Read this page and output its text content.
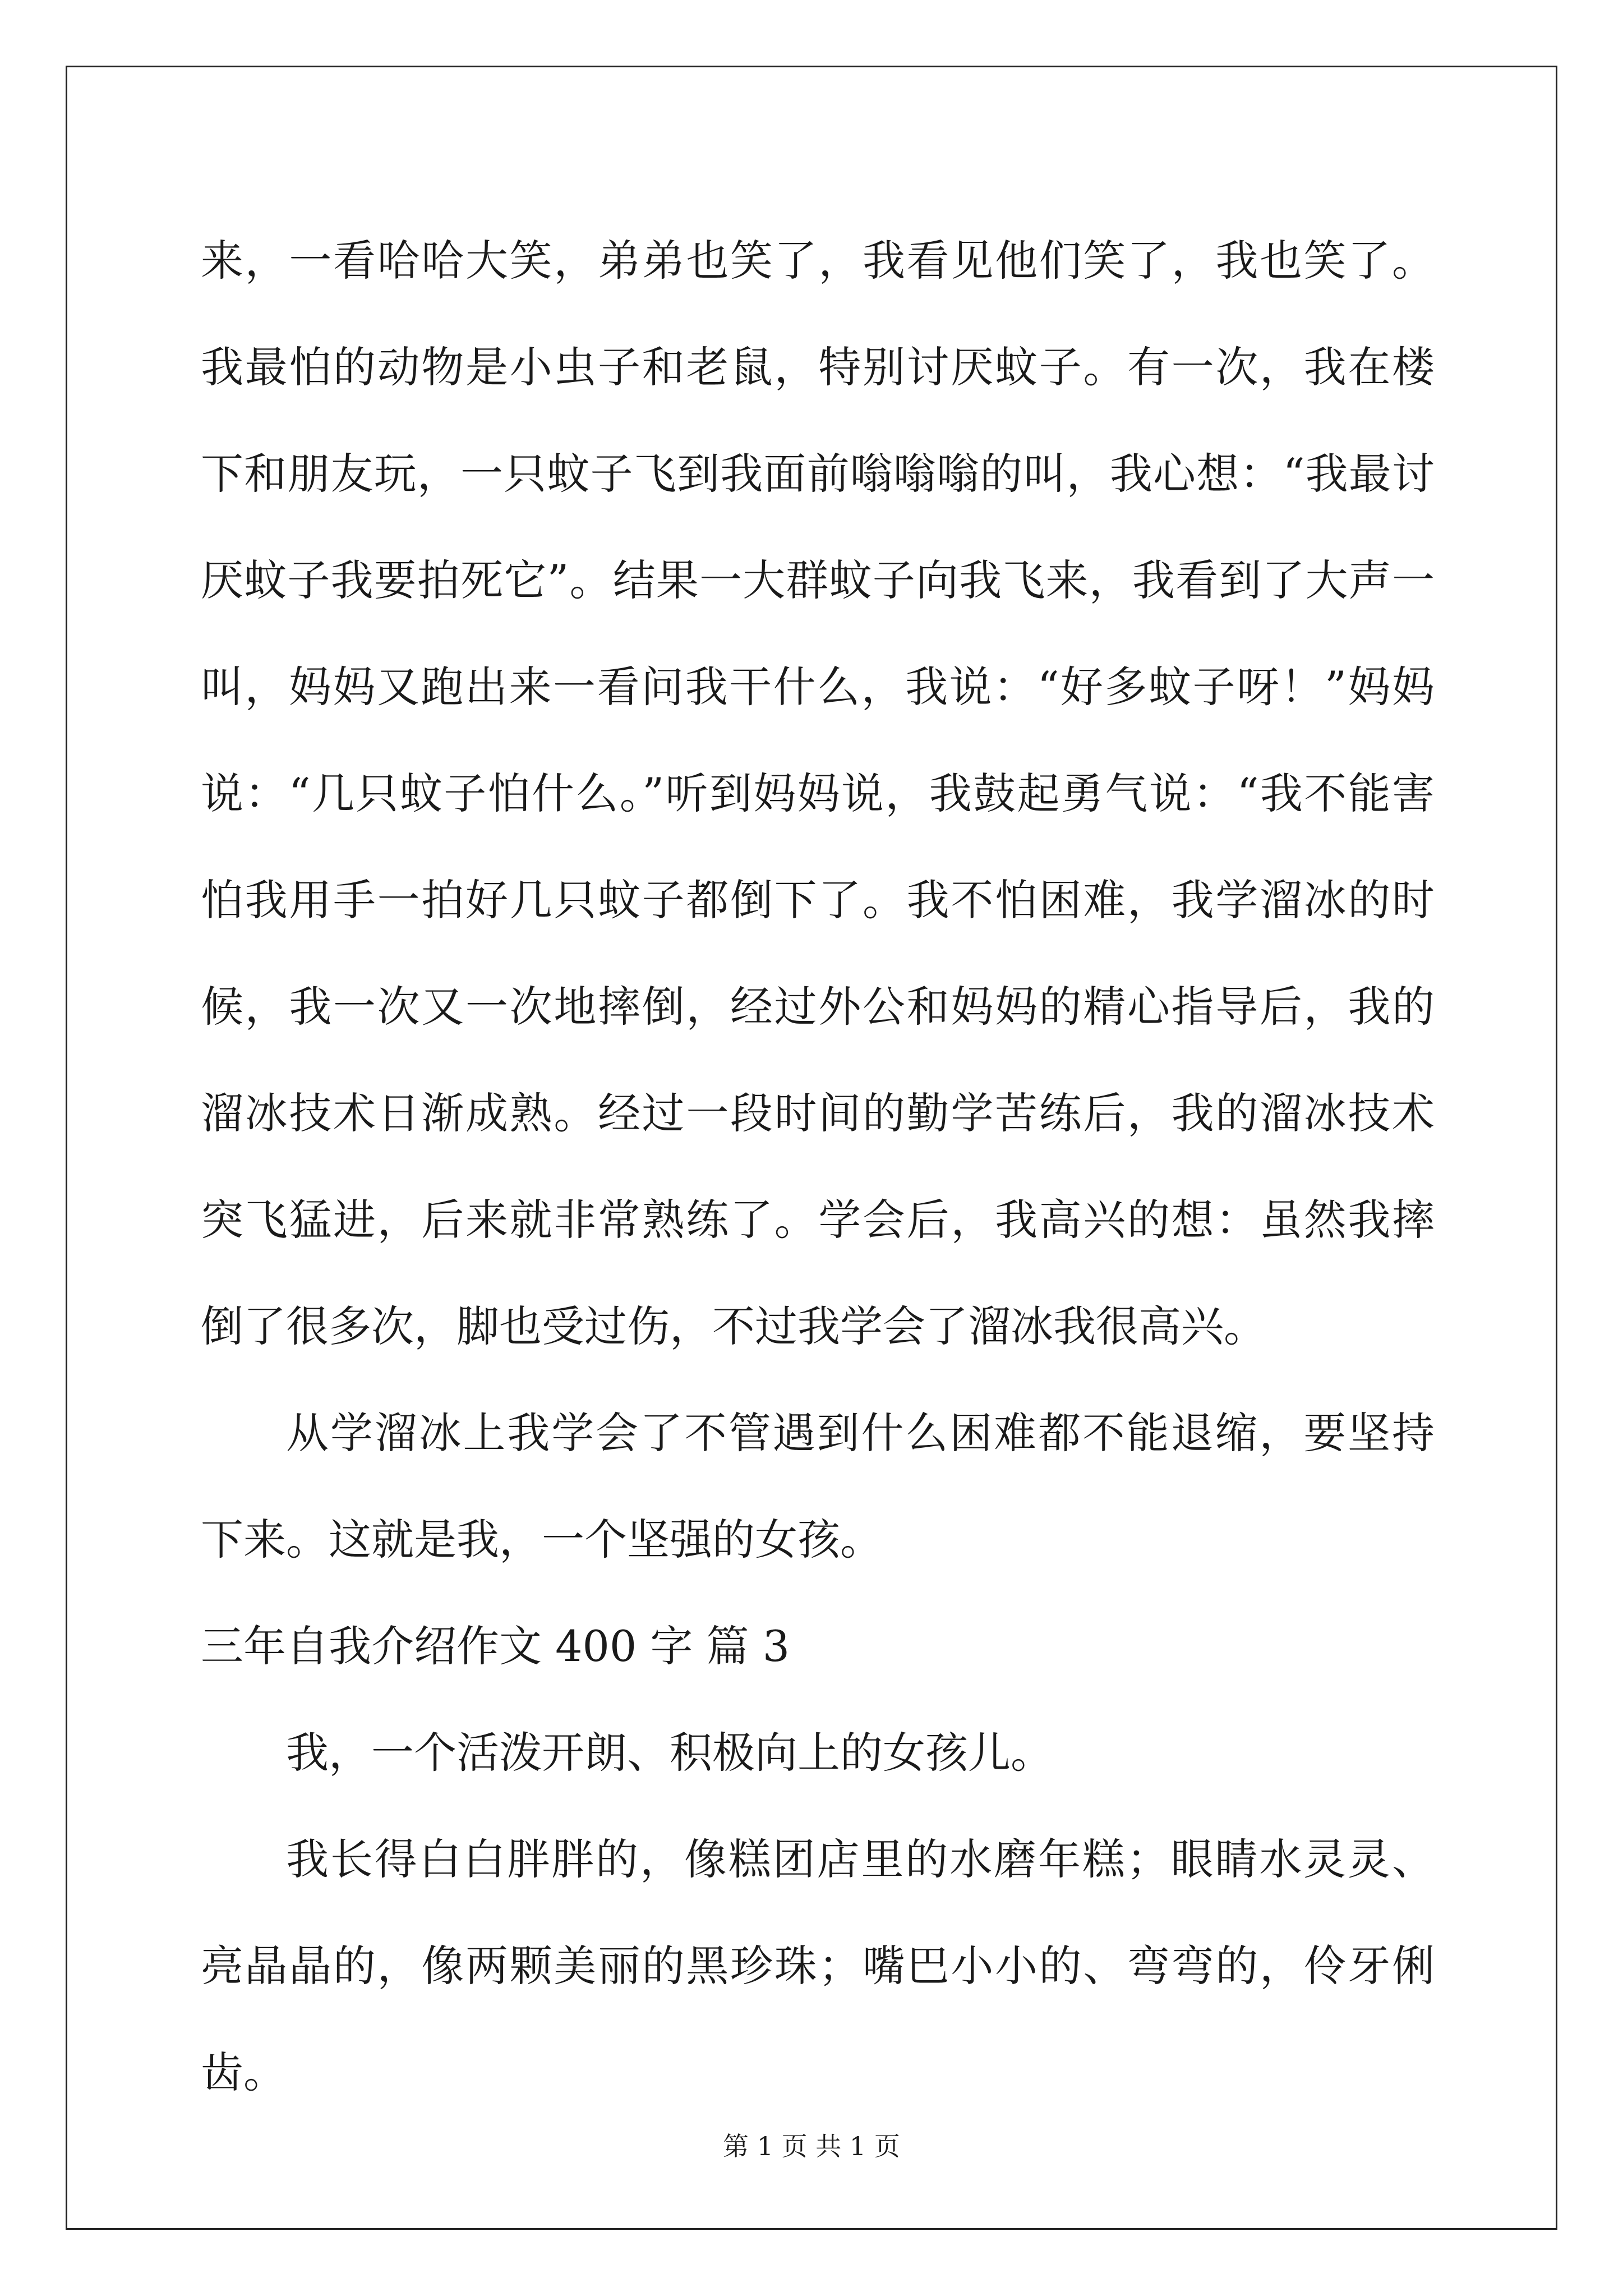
来，一看哈哈大笑，弟弟也笑了，我看见他们笑了，我也笑了。我最怕的动物是小虫子和老鼠，特别讨厌蚊子。有一次，我在楼下和朋友玩，一只蚊子飞到我面前嗡嗡嗡的叫，我心想：“我最讨厌蚊子我要拍死它”。结果一大群蚊子向我飞来，我看到了大声一叫，妈妈又跑出来一看问我干什么，我说：“好多蚊子呀！”妈妈说：“几只蚊子怕什么。”听到妈妈说，我鼓起勇气说：“我不能害怕我用手一拍好几只蚊子都倒下了。我不怕困难，我学溜冰的时候，我一次又一次地摔倒，经过外公和妈妈的精心指导后，我的溜冰技术日渐成熟。经过一段时间的勤学苦练后，我的溜冰技术突飞猛进，后来就非常熟练了。学会后，我高兴的想：虽然我摔倒了很多次，脚也受过伤，不过我学会了溜冰我很高兴。

从学溜冰上我学会了不管遇到什么困难都不能退缩，要坚持下来。这就是我，一个坚强的女孩。

三年自我介绍作文 400 字 篇 3

我，一个活泼开朗、积极向上的女孩儿。

我长得白白胖胖的，像糕团店里的水磨年糕；眼睛水灵灵、亮晶晶的，像两颗美丽的黑珍珠；嘴巴小小的、弯弯的，伶牙俐齿。

第 1 页 共 1 页
